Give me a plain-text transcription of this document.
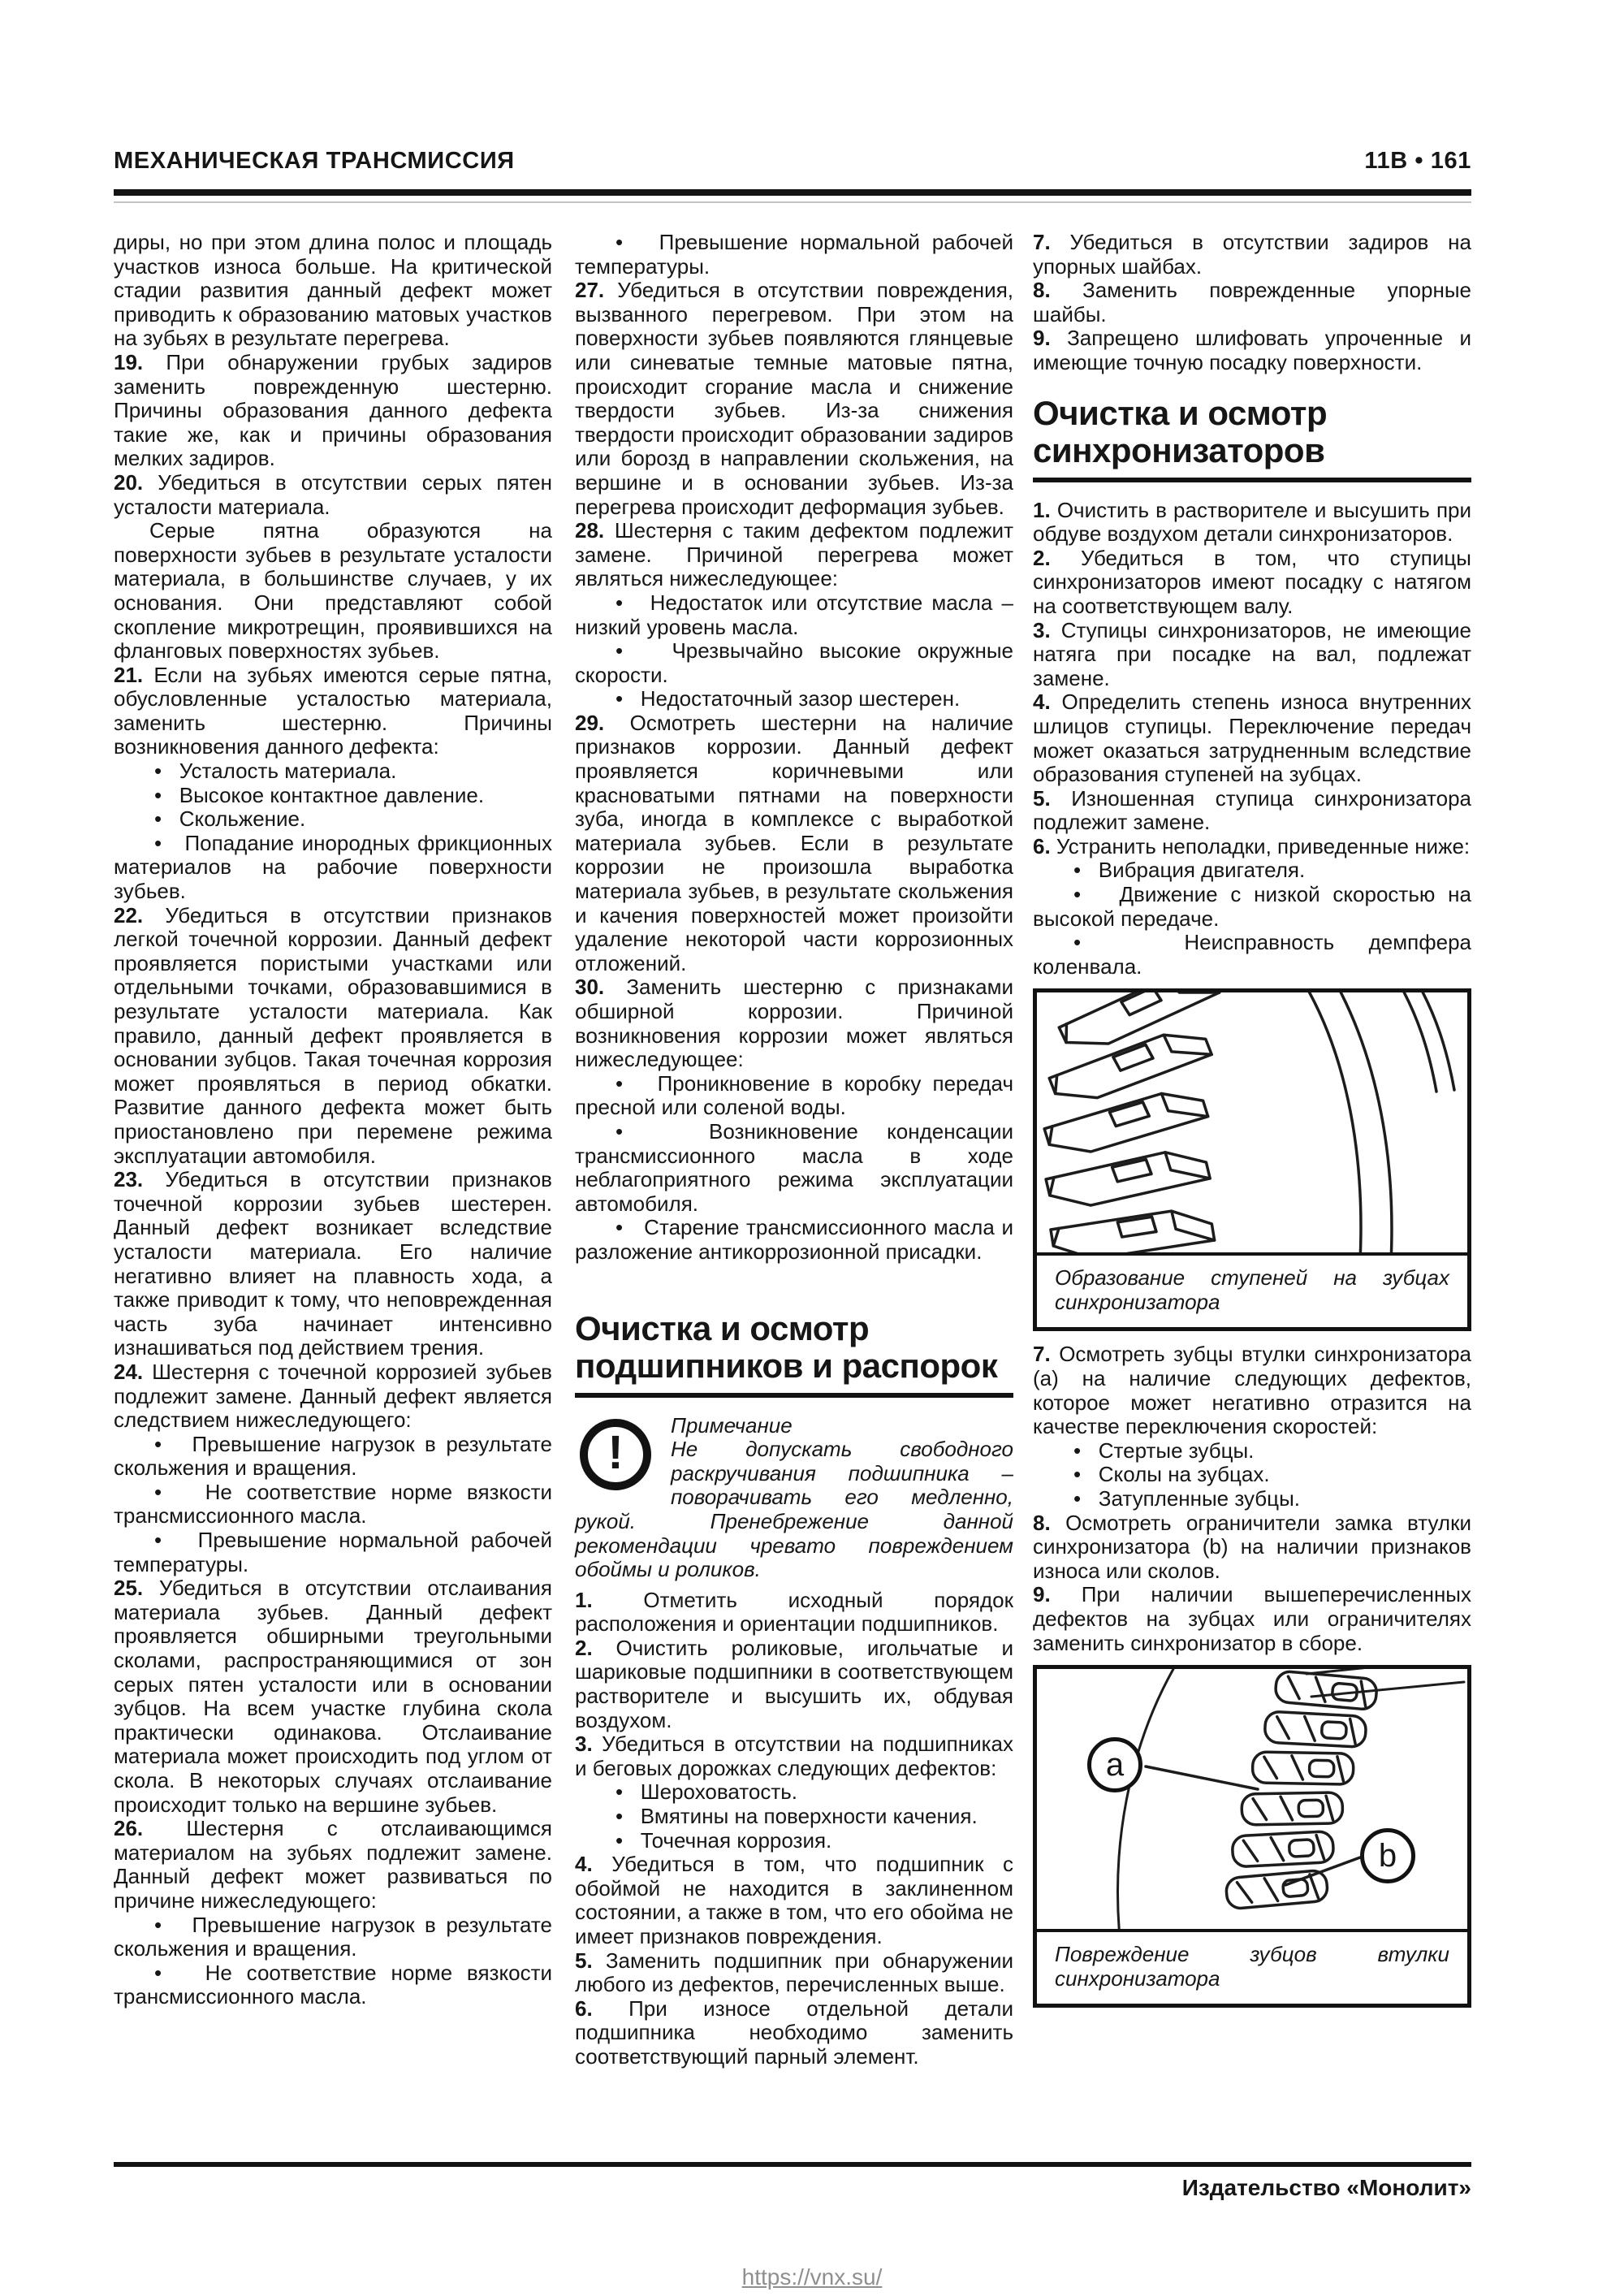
МЕХАНИЧЕСКАЯ ТРАНСМИССИЯ	11В • 161

диры, но при этом длина полос и площадь участков износа больше. На критической стадии развития данный дефект может приводить к образованию матовых участков на зубьях в результате перегрева.

19. При обнаружении грубых задиров заменить поврежденную шестерню. Причины образования данного дефекта такие же, как и причины образования мелких задиров.

20. Убедиться в отсутствии серых пятен усталости материала.

Серые пятна образуются на поверхности зубьев в результате усталости материала, в большинстве случаев, у их основания. Они представляют собой скопление микротрещин, проявившихся на фланговых поверхностях зубьев.

21. Если на зубьях имеются серые пятна, обусловленные усталостью материала, заменить шестерню. Причины возникновения данного дефекта:

•   Усталость материала.

•   Высокое контактное давление.

•   Скольжение.

•   Попадание инородных фрикционных материалов на рабочие поверхности зубьев.

22. Убедиться в отсутствии признаков легкой точечной коррозии. Данный дефект проявляется пористыми участками или отдельными точками, образовавшимися в результате усталости материала. Как правило, данный дефект проявляется в основании зубцов. Такая точечная коррозия может проявляться в период обкатки. Развитие данного дефекта может быть приостановлено при перемене режима эксплуатации автомобиля.

23. Убедиться в отсутствии признаков точечной коррозии зубьев шестерен. Данный дефект возникает вследствие усталости материала. Его наличие негативно влияет на плавность хода, а также приводит к тому, что неповрежденная часть зуба начинает интенсивно изнашиваться под действием трения.

24. Шестерня с точечной коррозией зубьев подлежит замене. Данный дефект является следствием нижеследующего:

•   Превышение нагрузок в результате скольжения и вращения.

•   Не соответствие норме вязкости трансмиссионного масла.

•   Превышение нормальной рабочей температуры.

25. Убедиться в отсутствии отслаивания материала зубьев. Данный дефект проявляется обширными треугольными сколами, распространяющимися от зон серых пятен усталости или в основании зубцов. На всем участке глубина скола практически одинакова. Отслаивание материала может происходить под углом от скола. В некоторых случаях отслаивание происходит только на вершине зубьев.

26. Шестерня с отслаивающимся материалом на зубьях подлежит замене. Данный дефект может развиваться по причине нижеследующего:

•   Превышение нагрузок в результате скольжения и вращения.

•   Не соответствие норме вязкости трансмиссионного масла.

•   Превышение нормальной рабочей температуры.

27. Убедиться в отсутствии повреждения, вызванного перегревом. При этом на поверхности зубьев появляются глянцевые или синеватые темные матовые пятна, происходит сгорание масла и снижение твердости зубьев. Из-за снижения твердости происходит образовании задиров или борозд в направлении скольжения, на вершине и в основании зубьев. Из-за перегрева происходит деформация зубьев.

28. Шестерня с таким дефектом подлежит замене. Причиной перегрева может являться нижеследующее:

•   Недостаток или отсутствие масла – низкий уровень масла.

•   Чрезвычайно высокие окружные скорости.

•   Недостаточный зазор шестерен.

29. Осмотреть шестерни на наличие признаков коррозии. Данный дефект проявляется коричневыми или красноватыми пятнами на поверхности зуба, иногда в комплексе с выработкой материала зубьев. Если в результате коррозии не произошла выработка материала зубьев, в результате скольжения и качения поверхностей может произойти удаление некоторой части коррозионных отложений.

30. Заменить шестерню с признаками обширной коррозии. Причиной возникновения коррозии может являться нижеследующее:

•   Проникновение в коробку передач пресной или соленой воды.

•   Возникновение конденсации трансмиссионного масла в ходе неблагоприятного режима эксплуатации автомобиля.

•   Старение трансмиссионного масла и разложение антикоррозионной присадки.

Очистка и осмотр
подшипников и распорок
!
Примечание
Не допускать свободного раскручивания подшипника – поворачивать его медленно, рукой. Пренебрежение данной рекомендации чревато повреждением обоймы и роликов.

1. Отметить исходный порядок расположения и ориентации подшипников.

2. Очистить роликовые, игольчатые и шариковые подшипники в соответствующем растворителе и высушить их, обдувая воздухом.

3. Убедиться в отсутствии на подшипниках и беговых дорожках следующих дефектов:

•   Шероховатость.

•   Вмятины на поверхности качения.

•   Точечная коррозия.

4. Убедиться в том, что подшипник с обоймой не находится в заклиненном состоянии, а также в том, что его обойма не имеет признаков повреждения.

5. Заменить подшипник при обнаружении любого из дефектов, перечисленных выше.

6. При износе отдельной детали подшипника необходимо заменить соответствующий парный элемент.

7. Убедиться в отсутствии задиров на упорных шайбах.

8. Заменить поврежденные упорные шайбы.

9. Запрещено шлифовать упроченные и имеющие точную посадку поверхности.

Очистка и осмотр
синхронизаторов

1. Очистить в растворителе и высушить при обдуве воздухом детали синхронизаторов.

2. Убедиться в том, что ступицы синхронизаторов имеют посадку с натягом на соответствующем валу.

3. Ступицы синхронизаторов, не имеющие натяга при посадке на вал, подлежат замене.

4. Определить степень износа внутренних шлицов ступицы. Переключение передач может оказаться затрудненным вследствие образования ступеней на зубцах.

5. Изношенная ступица синхронизатора подлежит замене.

6. Устранить неполадки, приведенные ниже:

•   Вибрация двигателя.

•   Движение с низкой скоростью на высокой передаче.

•   Неисправность демпфера коленвала.

Образование ступеней на зубцах синхронизатора

7. Осмотреть зубцы втулки синхронизатора (а) на наличие следующих дефектов, которое может негативно отразится на качестве переключения скоростей:

•   Стертые зубцы.

•   Сколы на зубцах.

•   Затупленные зубцы.

8. Осмотреть ограничители замка втулки синхронизатора (b) на наличии признаков износа или сколов.

9. При наличии вышеперечисленных дефектов на зубцах или ограничителях заменить синхронизатор в сборе.

a
b
Повреждение зубцов втулки синхронизатора
Издательство «Монолит»
https://vnx.su/
